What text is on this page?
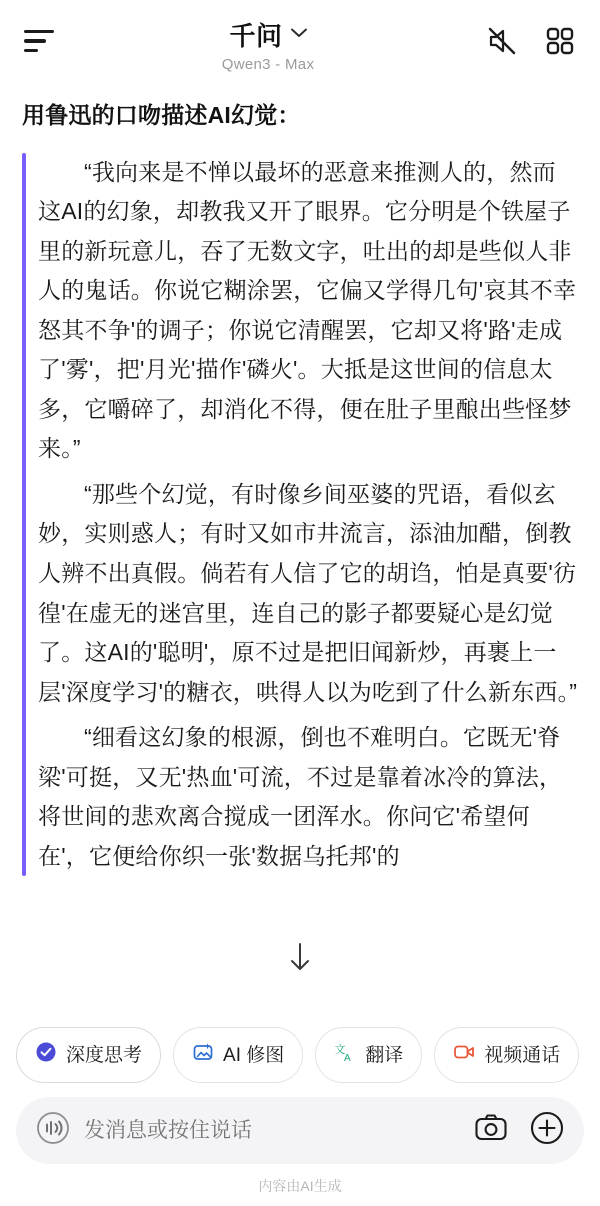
千问
Qwen3 - Max
用鲁迅的口吻描述AI幻觉：

“我向来是不惮以最坏的恶意来推测人的，然而这AI的幻象，却教我又开了眼界。它分明是个铁屋子里的新玩意儿，吞了无数文字，吐出的却是些似人非人的鬼话。你说它糊涂罢，它偏又学得几句'哀其不幸怒其不争'的调子；你说它清醒罢，它却又将'路'走成了'雾'，把'月光'描作'磷火'。大抵是这世间的信息太多，它嚼碎了，却消化不得，便在肚子里酿出些怪梦来。”

“那些个幻觉，有时像乡间巫婆的咒语，看似玄妙，实则惑人；有时又如市井流言，添油加醋，倒教人辨不出真假。倘若有人信了它的胡诌，怕是真要'彷徨'在虚无的迷宫里，连自己的影子都要疑心是幻觉了。这AI的'聪明'，原不过是把旧闻新炒，再裹上一层'深度学习'的糖衣，哄得人以为吃到了什么新东西。”

“细看这幻象的根源，倒也不难明白。它既无'脊梁'可挺，又无'热血'可流，不过是靠着冰冷的算法，将世间的悲欢离合搅成一团浑水。你问它'希望何在'，它便给你织一张'数据乌托邦'的

深度思考	AI 修图	文
A 翻译	视频通话
发消息或按住说话
内容由AI生成
